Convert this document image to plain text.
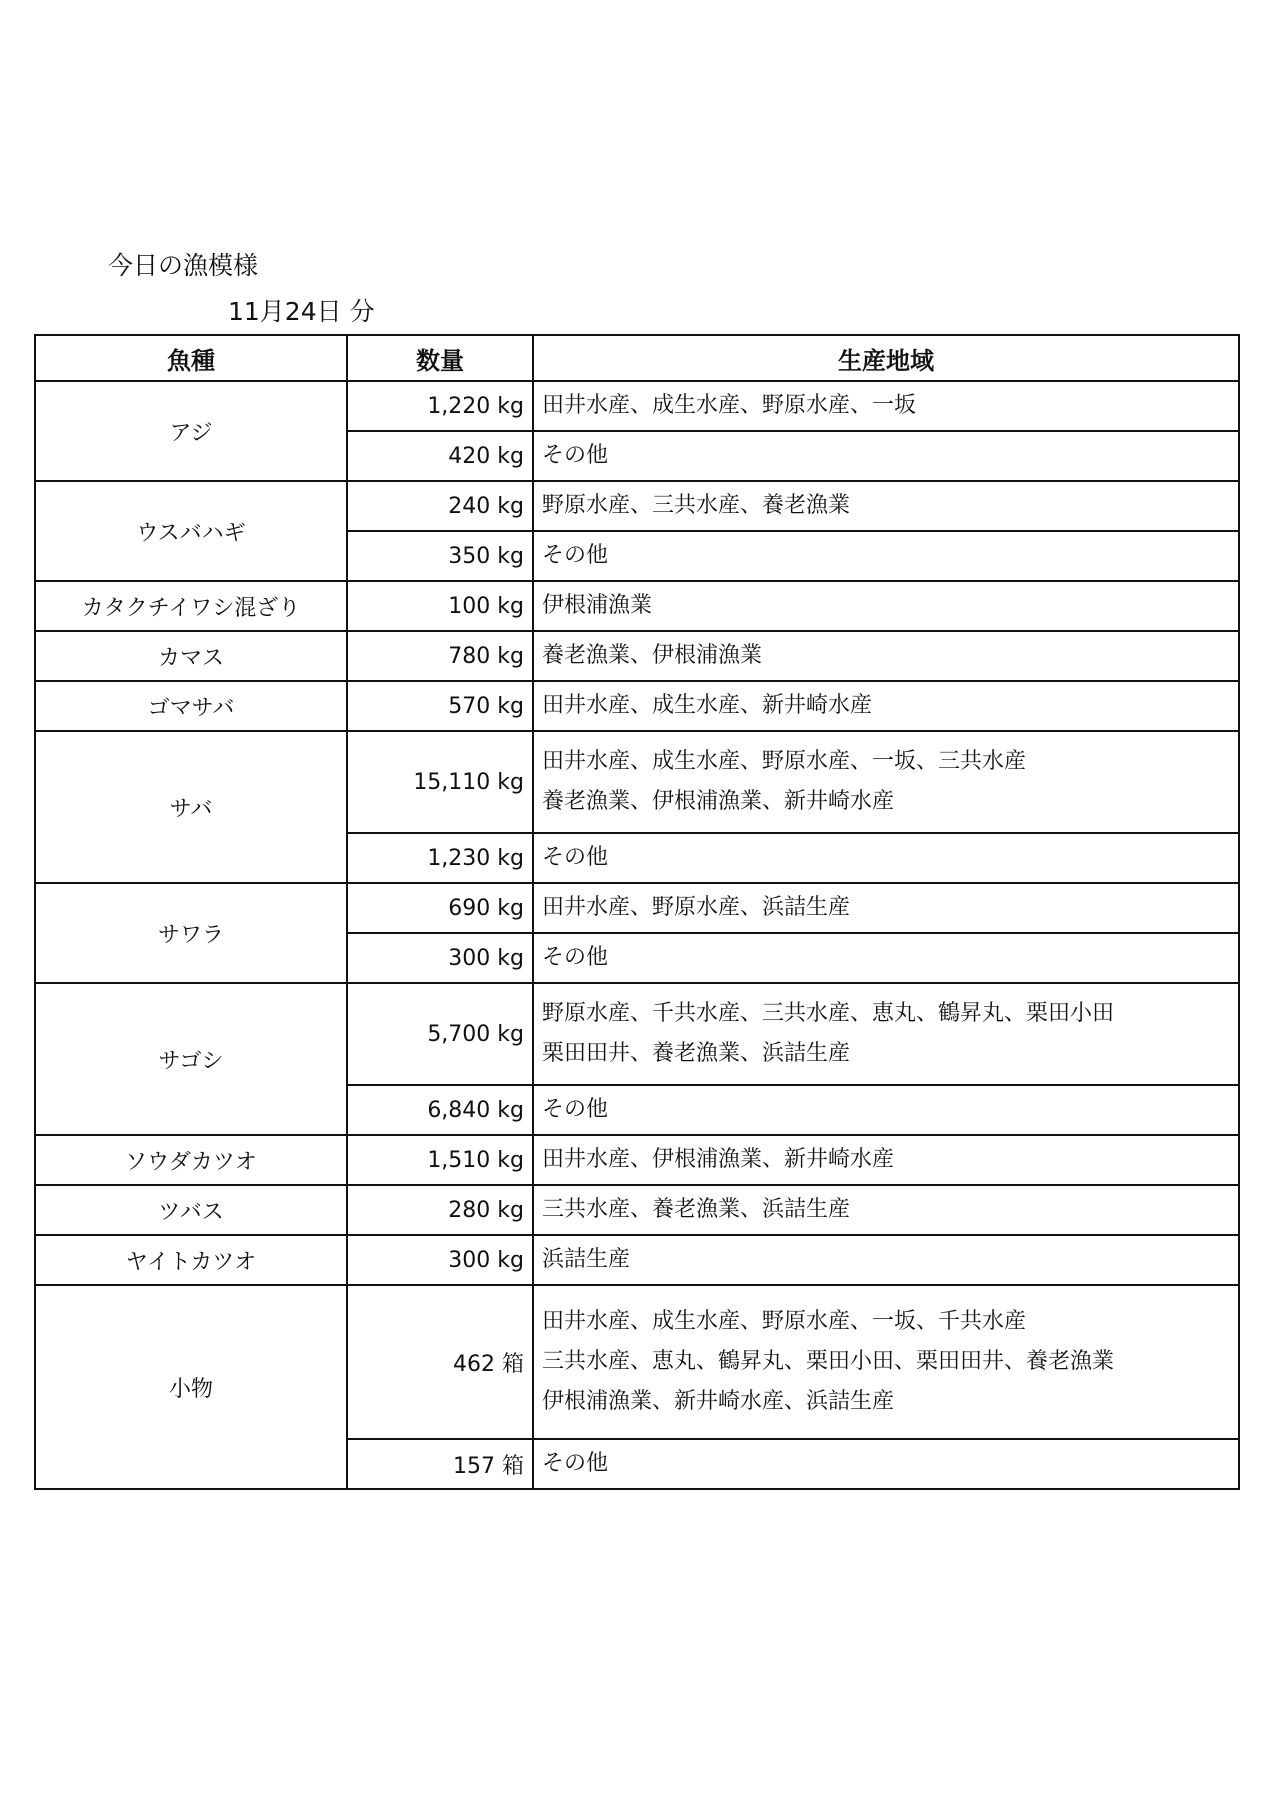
今日の漁模様
11月24日 分
魚種	数量	生産地域
アジ	1,220 kg	田井水産、成生水産、野原水産、一坂

	420 kg	その他

ウスバハギ	240 kg	野原水産、三共水産、養老漁業

	350 kg	その他

カタクチイワシ混ざり	100 kg	伊根浦漁業

カマス	780 kg	養老漁業、伊根浦漁業

ゴマサバ	570 kg	田井水産、成生水産、新井崎水産

サバ	15,110 kg	田井水産、成生水産、野原水産、一坂、三共水産
養老漁業、伊根浦漁業、新井崎水産

	1,230 kg	その他

サワラ	690 kg	田井水産、野原水産、浜詰生産

	300 kg	その他

サゴシ	5,700 kg	野原水産、千共水産、三共水産、恵丸、鶴昇丸、栗田小田
栗田田井、養老漁業、浜詰生産

	6,840 kg	その他

ソウダカツオ	1,510 kg	田井水産、伊根浦漁業、新井崎水産

ツバス	280 kg	三共水産、養老漁業、浜詰生産

ヤイトカツオ	300 kg	浜詰生産

小物	462 箱	田井水産、成生水産、野原水産、一坂、千共水産
三共水産、恵丸、鶴昇丸、栗田小田、栗田田井、養老漁業
伊根浦漁業、新井崎水産、浜詰生産

	157 箱	その他
